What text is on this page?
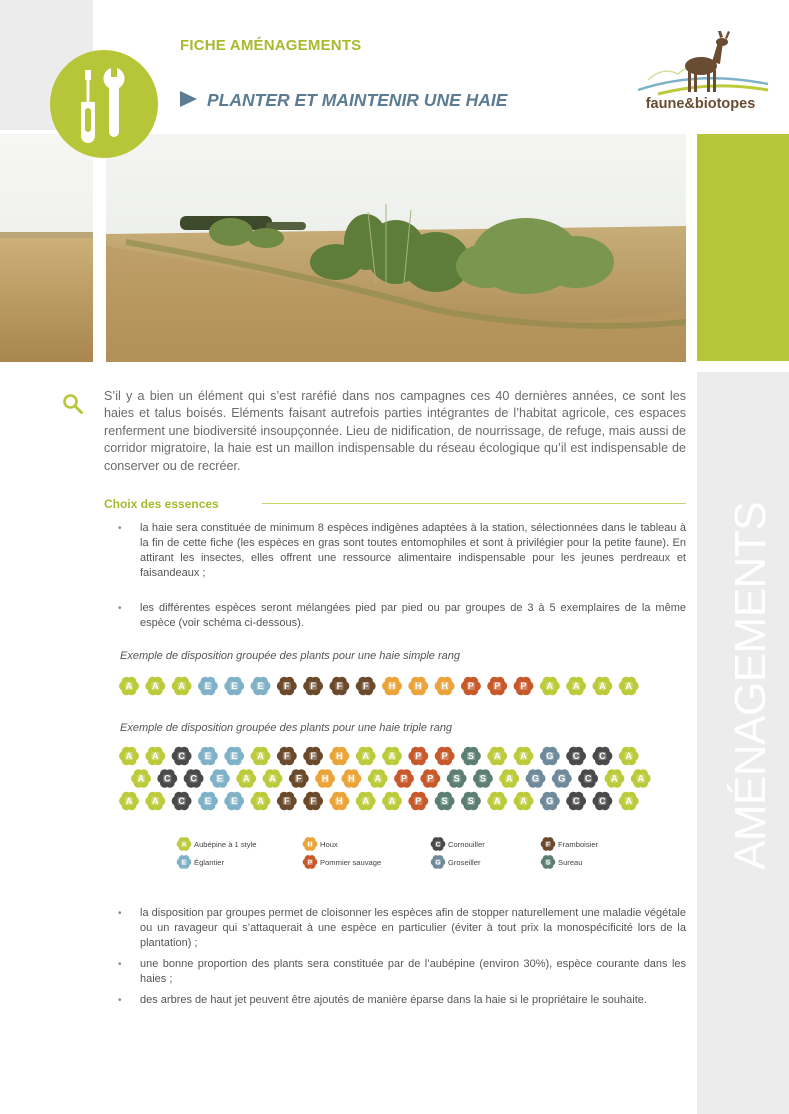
FICHE AMÉNAGEMENTS
PLANTER ET MAINTENIR UNE HAIE	faune&biotopes
AMÉNAGEMENTS
S’il y a bien un élément qui s’est raréfié dans nos campagnes ces 40 dernières années, ce sont les haies et talus boisés. Eléments faisant autrefois parties intégrantes de l’habitat agricole, ces espaces renferment une biodiversité insoupçonnée. Lieu de nidification, de nourrissage, de refuge, mais aussi de corridor migratoire, la haie est un maillon indispensable du réseau écologique qu’il est indispensable de conserver ou de recréer.
Choix des essences
• la haie sera constituée de minimum 8 espèces indigènes adaptées à la station, sélectionnées dans le tableau à la fin de cette fiche (les espèces en gras sont toutes entomophiles et sont à privilégier pour la petite faune). En attirant les insectes, elles offrent une ressource alimentaire indispensable pour les jeunes perdreaux et faisandeaux ;
• les différentes espèces seront mélangées pied par pied ou par groupes de 3 à 5 exemplaires de la même espèce (voir schéma ci-dessous).
Exemple de disposition groupée des plants pour une haie simple rang
A A A E E E F F F F H H H P P P A A A A
Exemple de disposition groupée des plants pour une haie triple rang
A A C E E A F F H A A P P S A A G C C A
A C C E A A F H H A P P S S A G G C A A
A A C E E A F F H A A P S S A A G C C A
A Aubépine à 1 style	H Houx	C Cornouiller	F Framboisier
E Églantier	P Pommier sauvage	G Groseiller	S Sureau
• la disposition par groupes permet de cloisonner les espèces afin de stopper naturellement une maladie végétale ou un ravageur qui s’attaquerait à une espèce en particulier (éviter à tout prix la monospécificité lors de la plantation) ;
• une bonne proportion des plants sera constituée par de l’aubépine (environ 30%), espèce courante dans les haies ;
• des arbres de haut jet peuvent être ajoutés de manière éparse dans la haie si le propriétaire le souhaite.
